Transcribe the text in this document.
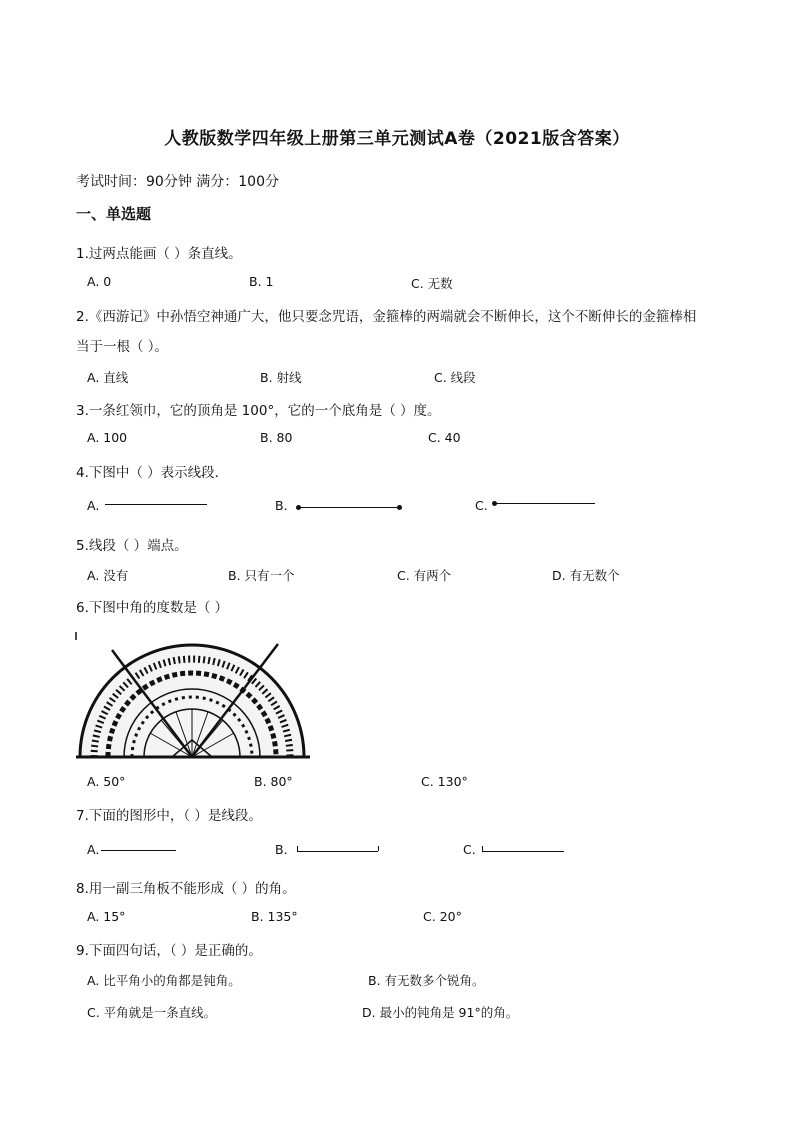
人教版数学四年级上册第三单元测试A卷（2021版含答案）
考试时间：90分钟 满分：100分
一、单选题
1.过两点能画（ ）条直线。
A. 0	B. 1	C. 无数
2.《西游记》中孙悟空神通广大，他只要念咒语，金箍棒的两端就会不断伸长，这个不断伸长的金箍棒相
当于一根（ ）。
A. 直线	B. 射线	C. 线段
3.一条红领巾，它的顶角是 100°，它的一个底角是（ ）度。
A. 100	B. 80	C. 40
4.下图中（ ）表示线段.
A.	B.	C.
5.线段（ ）端点。
A. 没有	B. 只有一个	C. 有两个	D. 有无数个
6.下图中角的度数是（ ）
A. 50°	B. 80°	C. 130°
7.下面的图形中，（ ）是线段。
A.	B.	C.
8.用一副三角板不能形成（ ）的角。
A. 15°	B. 135°	C. 20°
9.下面四句话，（ ）是正确的。
A. 比平角小的角都是钝角。	B. 有无数多个锐角。
C. 平角就是一条直线。	D. 最小的钝角是 91°的角。
